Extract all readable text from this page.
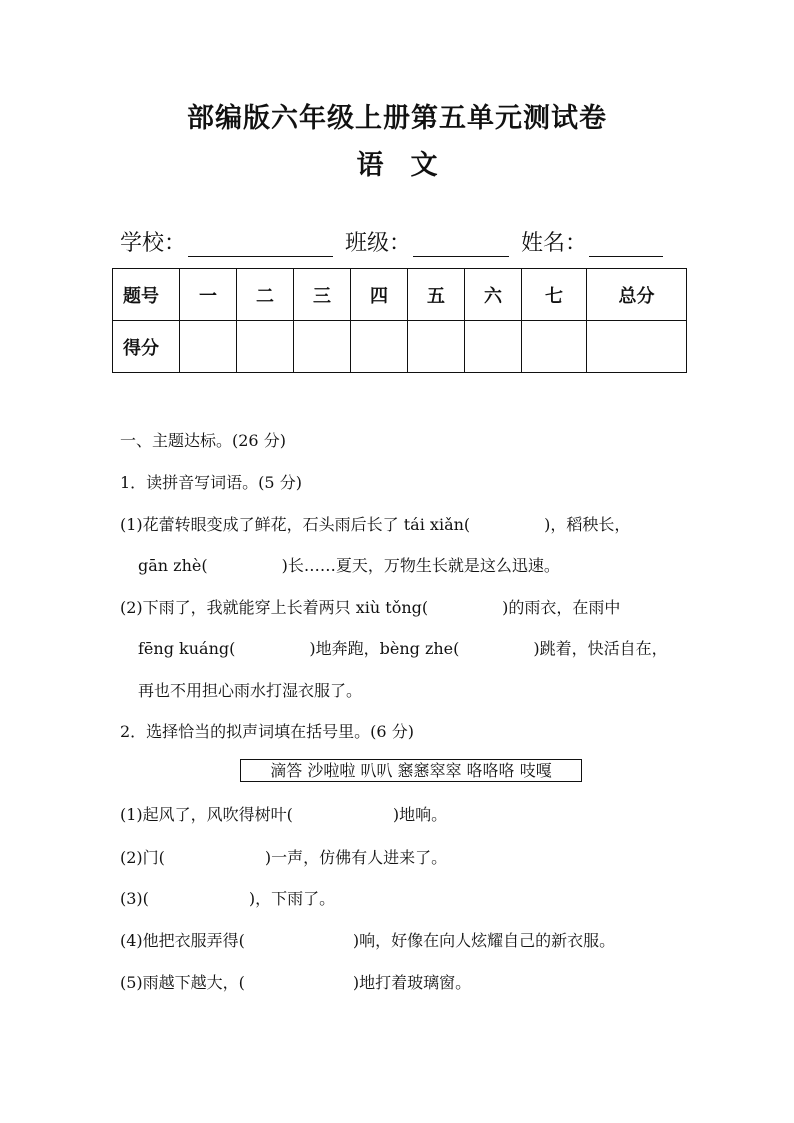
部编版六年级上册第五单元测试卷
语　文
学校：	班级：	姓名：
题号	一	二	三	四	五	六	七	总分
得分								
一、主题达标。(26 分)
1．读拼音写词语。(5 分)
(1)花蕾转眼变成了鲜花，石头雨后长了 tái xiǎn(	)，稻秧长，
gān zhè(	)长……夏天，万物生长就是这么迅速。
(2)下雨了，我就能穿上长着两只 xiù tǒng(	)的雨衣，在雨中
fēng kuáng(	)地奔跑，bèng zhe(	)跳着，快活自在，
再也不用担心雨水打湿衣服了。
2．选择恰当的拟声词填在括号里。(6 分)
滴答 沙啦啦 叭叭 窸窸窣窣 咯咯咯 吱嘎
(1)起风了，风吹得树叶(	)地响。
(2)门(	)一声，仿佛有人进来了。
(3)(	)，下雨了。
(4)他把衣服弄得(	)响，好像在向人炫耀自己的新衣服。
(5)雨越下越大，(	)地打着玻璃窗。
